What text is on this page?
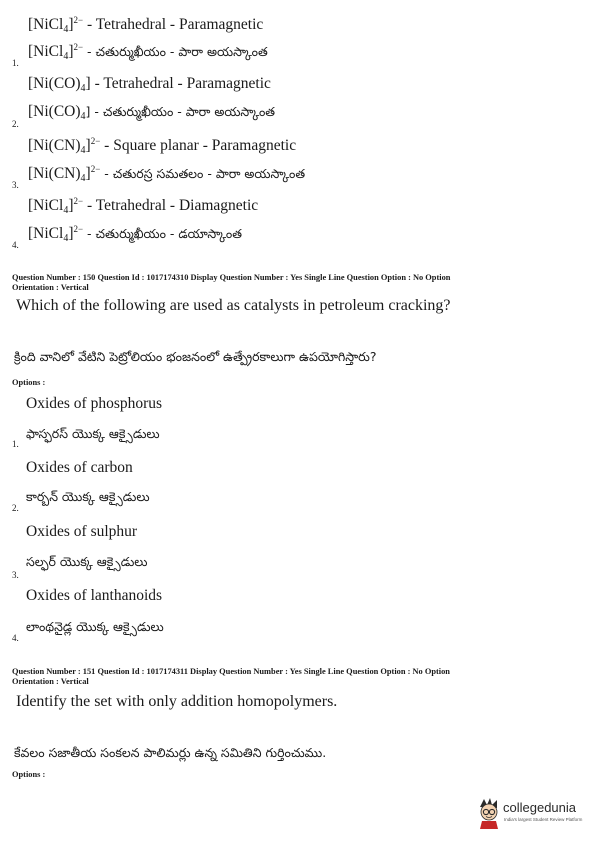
[NiCl$_4$]$^{2-}$ - Tetrahedral - Paramagnetic
1.
[NiCl$_4$]$^{2-}$ - చతుర్ముఖీయం - పారా అయస్కాంత
$[Ni(CO)_4]$ - Tetrahedral - Paramagnetic
2.
$[Ni(CO)_4]$ - చతుర్ముఖీయం - పారా అయస్కాంత
$[Ni(CN)_4]^{2-}$ - Square planar - Paramagnetic
3.
$[Ni(CN)_4]^{2-}$ - చతురస్ర సమతలం - పారా అయస్కాంత
[NiCl$_4$]$^{2-}$ - Tetrahedral - Diamagnetic
4.
[NiCl$_4$]$^{2-}$ - చతుర్ముఖీయం - డయాస్కాంత
Question Number : 150 Question Id : 1017174310 Display Question Number : Yes Single Line Question Option : No Option
Orientation : Vertical
Which of the following are used as catalysts in petroleum cracking?
క్రింది వానిలో వేటిని పెట్రోలియం భంజనంలో ఉత్ప్రేరకాలుగా ఉపయోగిస్తారు?
Options :
Oxides of phosphorus
ఫాస్ఫరస్ యొక్క ఆక్సైడులు
1.
Oxides of carbon
కార్బన్ యొక్క ఆక్సైడులు
2.
Oxides of sulphur
సల్ఫర్ యొక్క ఆక్సైడులు
3.
Oxides of lanthanoids
లాంథనైడ్ల యొక్క ఆక్సైడులు
4.
Question Number : 151 Question Id : 1017174311 Display Question Number : Yes Single Line Question Option : No Option
Orientation : Vertical
Identify the set with only addition homopolymers.
కేవలం సజాతీయ సంకలన పాలిమర్లు ఉన్న సమితిని గుర్తించుము.
Options :
collegedunia
India's largest Student Review Platform
